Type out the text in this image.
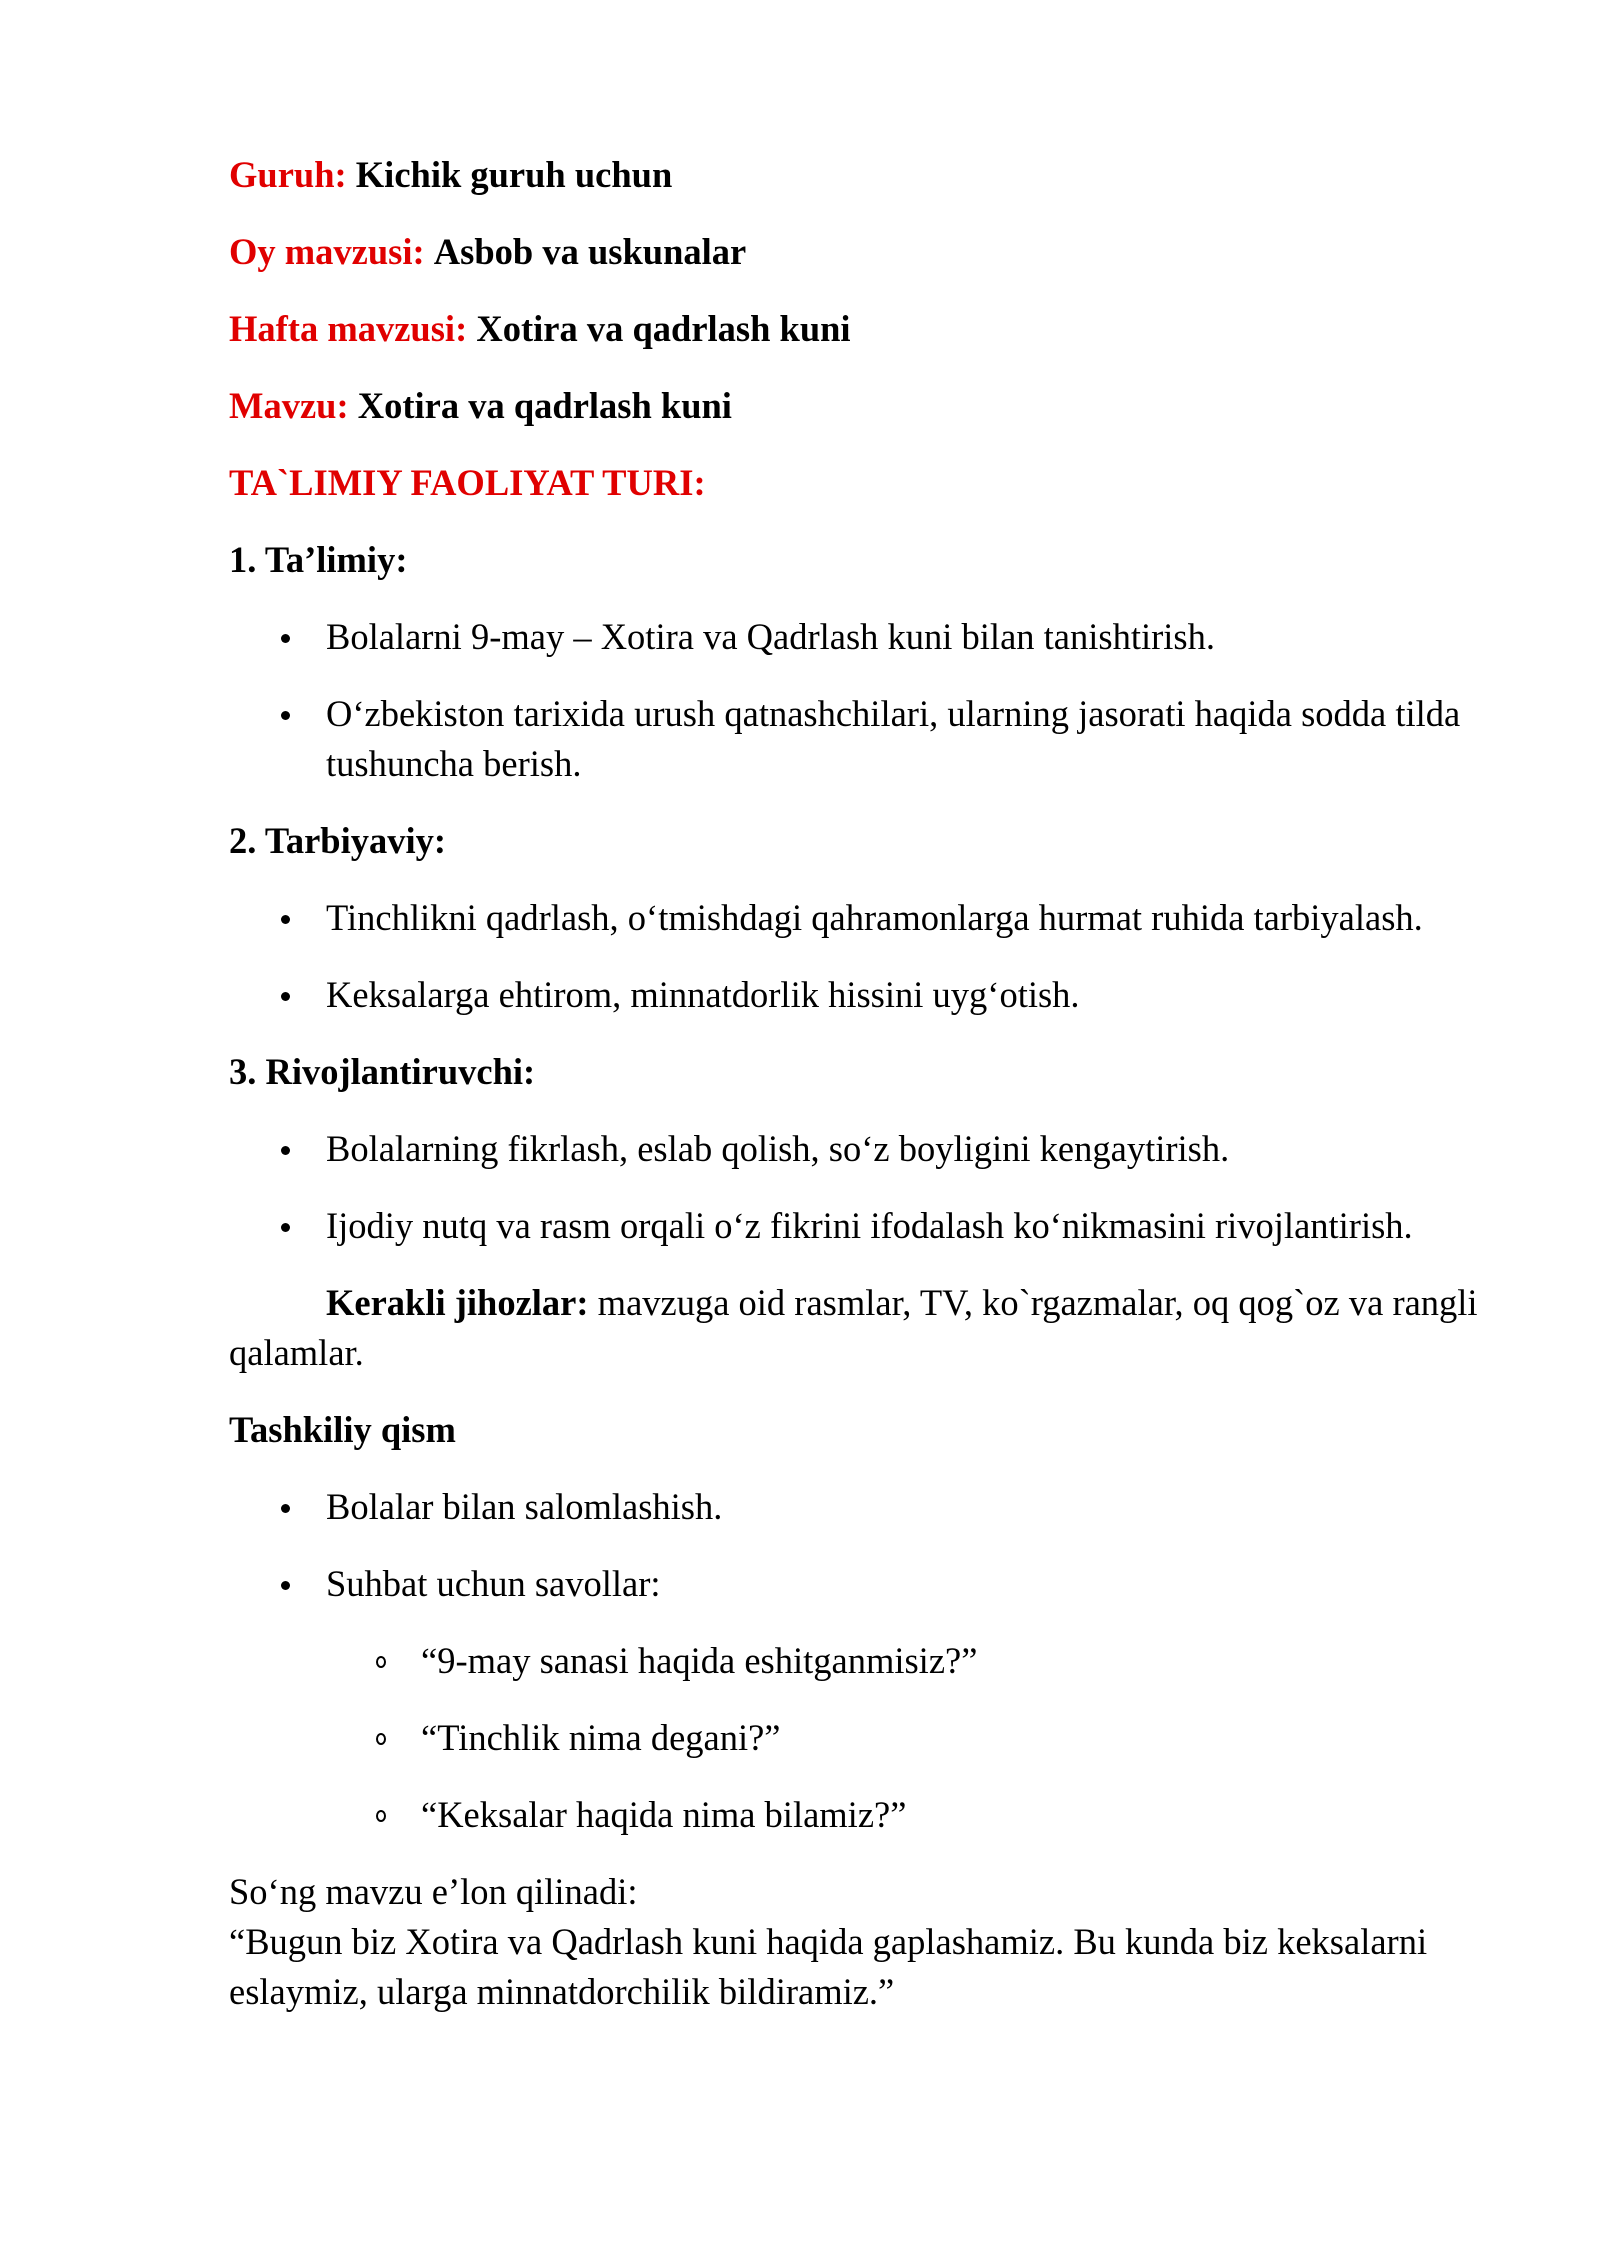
Guruh: Kichik guruh uchun
Oy mavzusi: Asbob va uskunalar
Hafta mavzusi: Xotira va qadrlash kuni
Mavzu: Xotira va qadrlash kuni
TA`LIMIY FAOLIYAT TURI:
1. Ta’limiy:
Bolalarni 9-may – Xotira va Qadrlash kuni bilan tanishtirish.
O‘zbekiston tarixida urush qatnashchilari, ularning jasorati haqida sodda tilda tushuncha berish.
2. Tarbiyaviy:
Tinchlikni qadrlash, o‘tmishdagi qahramonlarga hurmat ruhida tarbiyalash.
Keksalarga ehtirom, minnatdorlik hissini uyg‘otish.
3. Rivojlantiruvchi:
Bolalarning fikrlash, eslab qolish, so‘z boyligini kengaytirish.
Ijodiy nutq va rasm orqali o‘z fikrini ifodalash ko‘nikmasini rivojlantirish.
Kerakli jihozlar: mavzuga oid rasmlar, TV, ko`rgazmalar, oq qog`oz va rangli qalamlar.
Tashkiliy qism
Bolalar bilan salomlashish.
Suhbat uchun savollar:
“9-may sanasi haqida eshitganmisiz?”
“Tinchlik nima degani?”
“Keksalar haqida nima bilamiz?”
So‘ng mavzu e’lon qilinadi:
“Bugun biz Xotira va Qadrlash kuni haqida gaplashamiz. Bu kunda biz keksalarni eslaymiz, ularga minnatdorchilik bildiramiz.”
